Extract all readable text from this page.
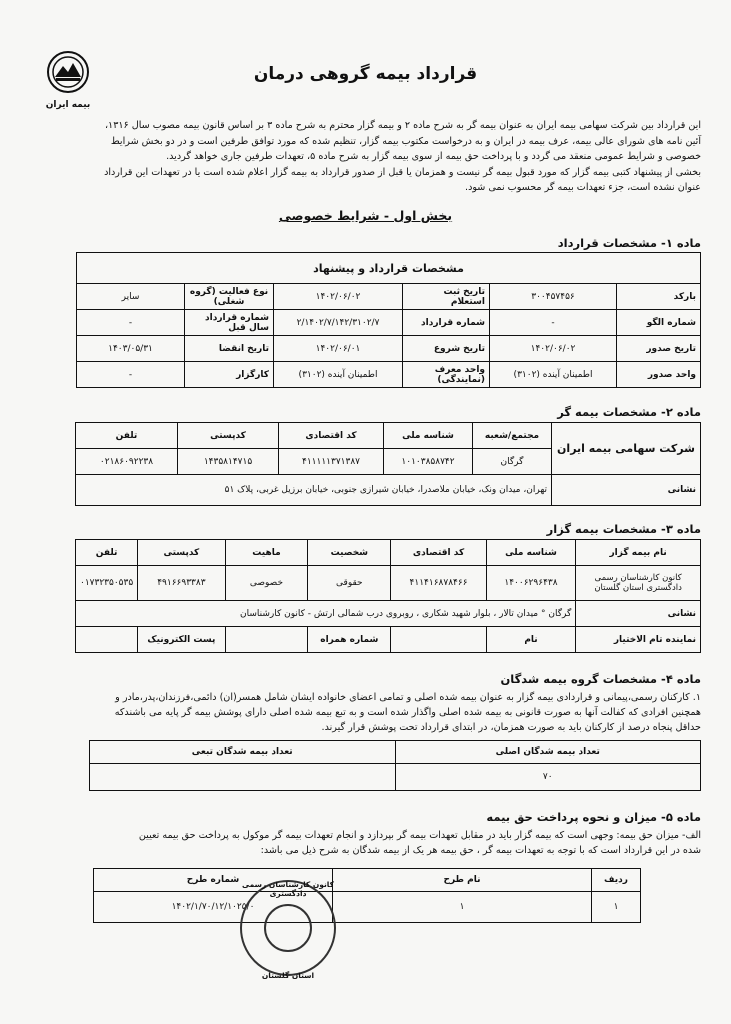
بیمه ایران
قرارداد بیمه گروهی درمان

این قرارداد بین شرکت سهامی بیمه ایران به عنوان بیمه گر به شرح ماده ۲ و بیمه گزار محترم به شرح ماده ۳ بر اساس قانون بیمه مصوب سال ۱۳۱۶،

آئین نامه های شورای عالی بیمه، عرف بیمه در ایران و به درخواست مکتوب بیمه گزار، تنظیم شده که مورد توافق طرفین است و در دو بخش شرایط

خصوصی و شرایط عمومی منعقد می گردد و با پرداخت حق بیمه از سوی بیمه گزار به شرح ماده ۵، تعهدات طرفین جاری خواهد گردید.

بخشی از پیشنهاد کتبی بیمه گزار که مورد قبول بیمه گر نیست و همزمان یا قبل از صدور قرارداد به بیمه گزار اعلام شده است یا در تعهدات این قرارداد

عنوان نشده است، جزء تعهدات بیمه گر محسوب نمی شود.

بخش اول - شرایط خصوصی
ماده ۱- مشخصات قرارداد
مشخصات قرارداد و پیشنهاد					
بارکد	۳۰۰۴۵۷۴۵۶	تاریخ ثبت استعلام	۱۴۰۲/۰۶/۰۲	نوع فعالیت (گروه شغلی)	سایر
شماره الگو	-	شماره قرارداد	۲/۱۴۰۲/۷/۱۴۲/۳۱۰۲/۷	شماره قرارداد سال قبل	-
تاریخ صدور	۱۴۰۲/۰۶/۰۲	تاریخ شروع	۱۴۰۲/۰۶/۰۱	تاریخ انقضا	۱۴۰۳/۰۵/۳۱
واحد صدور	اطمینان آینده (۳۱۰۲)	واحد معرف (نمایندگی)	اطمینان آینده (۳۱۰۲)	کارگزار	-
ماده ۲- مشخصات بیمه گر
شرکت سهامی بیمه ایران	مجتمع/شعبه	شناسه ملی	کد اقتصادی	کدپستی	تلفن
	گرگان	۱۰۱۰۳۸۵۸۷۴۲	۴۱۱۱۱۱۳۷۱۳۸۷	۱۴۳۵۸۱۴۷۱۵	۰۲۱۸۶۰۹۲۲۳۸
نشانی	تهران، میدان ونک، خیابان ملاصدرا، خیابان شیرازی جنوبی، خیابان برزیل غربی، پلاک ۵۱				
ماده ۳- مشخصات بیمه گزار
نام بیمه گزار	شناسه ملی	کد اقتصادی	شخصیت	ماهیت	کدپستی	تلفن
کانون کارشناسان رسمی دادگستری استان گلستان	۱۴۰۰۶۲۹۶۴۳۸	۴۱۱۴۱۶۸۷۸۴۶۶	حقوقی	خصوصی	۴۹۱۶۶۹۳۳۸۳	۰۱۷۳۲۳۵۰۵۳۵
نشانی	گرگان ° میدان تالار ، بلوار شهید شکاری ، روبروی درب شمالی ارتش - کانون کارشناسان					
نماینده تام الاختیار	نام		شماره همراه		پست الکترونیک	
ماده ۴- مشخصات گروه بیمه شدگان

۱. کارکنان رسمی،پیمانی و قراردادی بیمه گزار به عنوان بیمه شده اصلی و تمامی اعضای خانواده ایشان شامل همسر(ان) دائمی،فرزندان،پدر،مادر و

همچنین افرادی که کفالت آنها به صورت قانونی به بیمه شده اصلی واگذار شده است و به تبع بیمه شده اصلی دارای پوشش بیمه گر پایه می باشندکه

حداقل پنجاه درصد از کارکنان باید به صورت همزمان، در ابتدای قرارداد تحت پوشش قرار گیرند.

تعداد بیمه شدگان اصلی	تعداد بیمه شدگان تبعی
۷۰	
ماده ۵- میزان و نحوه پرداخت حق بیمه

الف- میزان حق بیمه: وجهی است که بیمه گزار باید در مقابل تعهدات بیمه گر بپردازد و انجام تعهدات بیمه گر موکول به پرداخت حق بیمه تعیین

شده در این قرارداد است که با توجه به تعهدات بیمه گر ، حق بیمه هر یک از بیمه شدگان به شرح ذیل می باشد:

ردیف	نام طرح	شماره طرح
۱	۱	۱۴۰۲/۱/۷۰/۱۲/۱۰۲۵/۰
کانون کارشناسان رسمی دادگستری
استان گلستان
